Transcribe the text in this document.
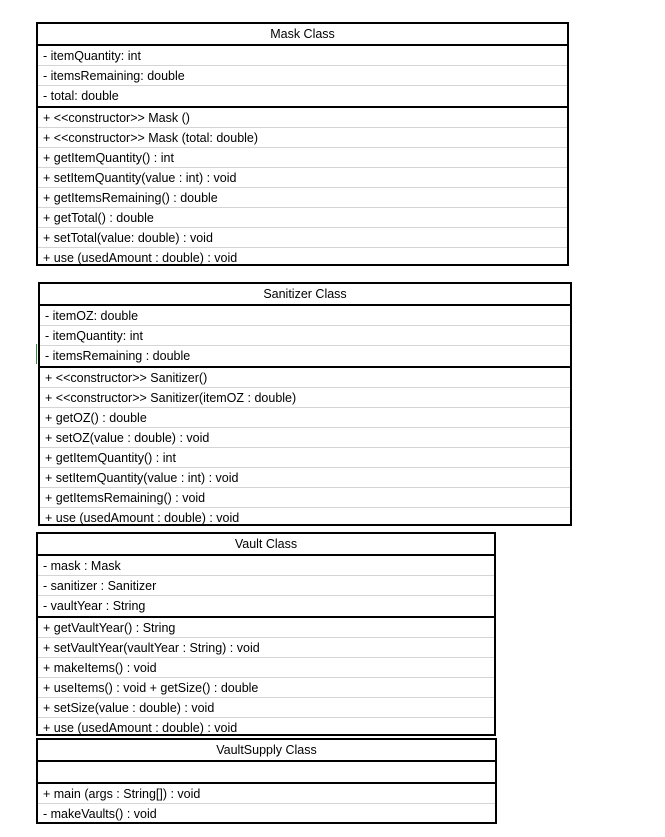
Mask Class
- itemQuantity: int
- itemsRemaining: double
- total: double
+ <<constructor>> Mask ()
+ <<constructor>> Mask (total: double)
+ getItemQuantity() : int
+ setItemQuantity(value : int) : void
+ getItemsRemaining() : double
+ getTotal() : double
+ setTotal(value: double) : void
+ use (usedAmount : double) : void
Sanitizer Class
- itemOZ: double
- itemQuantity: int
- itemsRemaining : double
+ <<constructor>> Sanitizer()
+ <<constructor>> Sanitizer(itemOZ : double)
+ getOZ() : double
+ setOZ(value : double) : void
+ getItemQuantity() : int
+ setItemQuantity(value : int) : void
+ getItemsRemaining() : void
+ use (usedAmount : double) : void
Vault Class
- mask : Mask
- sanitizer : Sanitizer
- vaultYear : String
+ getVaultYear() : String
+ setVaultYear(vaultYear : String) : void
+ makeItems() : void
+ useItems() : void + getSize() : double
+ setSize(value : double) : void
+ use (usedAmount : double) : void
VaultSupply Class
+ main (args : String[]) : void
- makeVaults() : void
